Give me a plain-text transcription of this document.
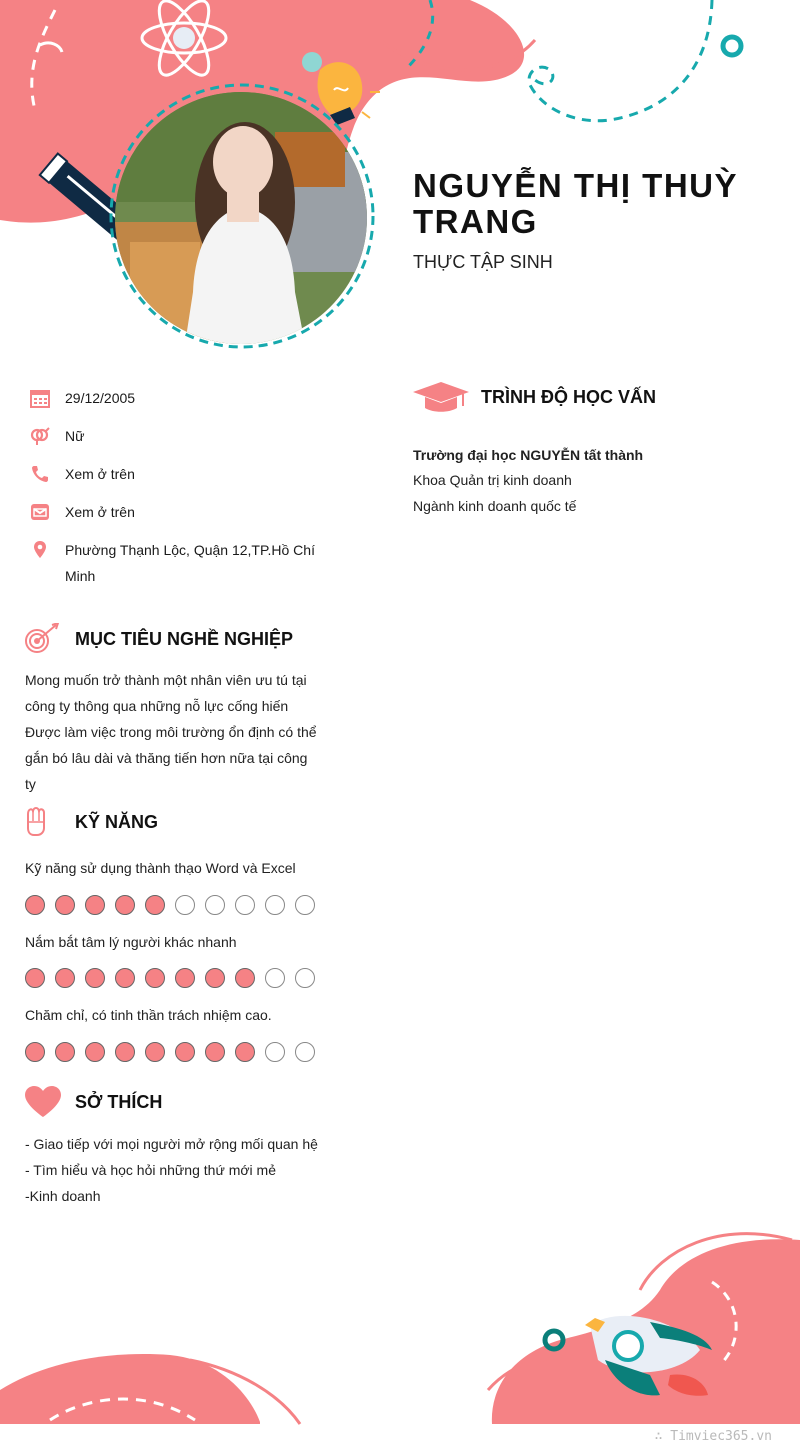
NGUYỄN THỊ THUỲ TRANG
THỰC TẬP SINH
29/12/2005
Nữ
Xem ở trên
Xem ở trên
Phường Thạnh Lộc, Quận 12,TP.Hồ Chí Minh
MỤC TIÊU NGHỀ NGHIỆP
Mong muốn trở thành một nhân viên ưu tú tại công ty thông qua những nỗ lực cống hiến Được làm việc trong môi trường ổn định có thể gắn bó lâu dài và thăng tiến hơn nữa tại công ty
KỸ NĂNG
Kỹ năng sử dụng thành thạo Word và Excel
Nắm bắt tâm lý người khác nhanh
Chăm chỉ, có tinh thần trách nhiệm cao.
SỞ THÍCH
- Giao tiếp với mọi người mở rộng mối quan hệ
- Tìm hiểu và học hỏi những thứ mới mẻ
-Kinh doanh
TRÌNH ĐỘ HỌC VẤN
Trường đại học NGUYỄN tất thành
Khoa Quản trị kinh doanh
Ngành kinh doanh quốc tế
∴ Timviec365.vn
